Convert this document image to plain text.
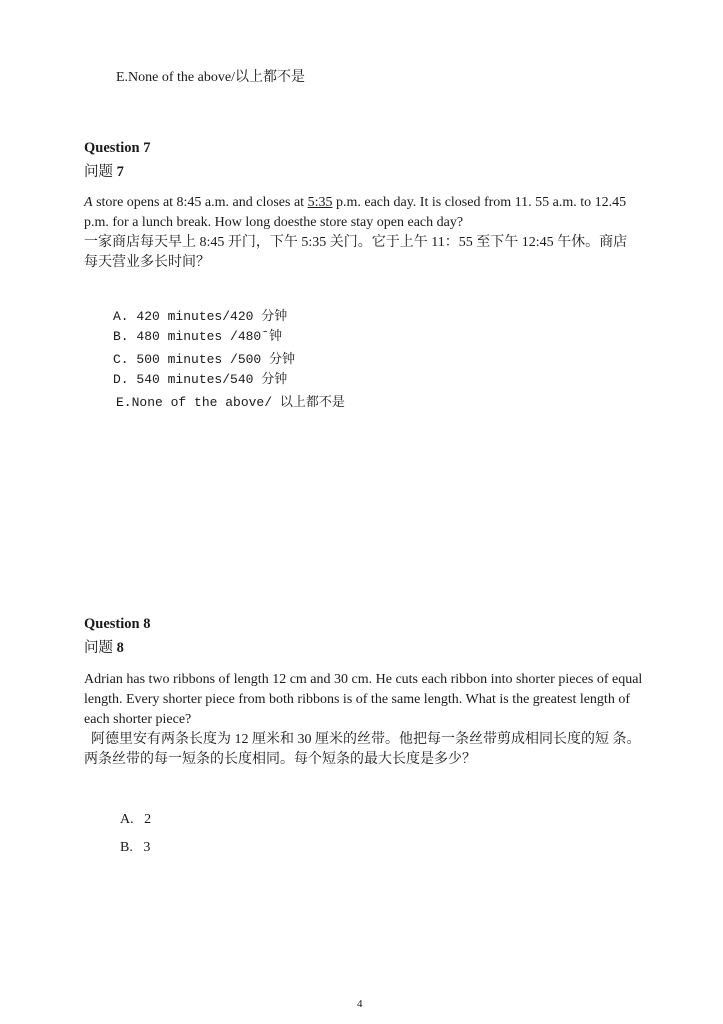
E.None of the above/以上都不是
Question 7
问题 7
A store opens at 8:45 a.m. and closes at 5:35 p.m. each day. It is closed from 11. 55 a.m. to 12.45
p.m. for a lunch break. How long doesthe store stay open each day?
一家商店每天早上 8:45 开门，下午 5:35 关门。它于上午 11：55 至下午 12:45 午休。商店
每天营业多长时间？
A. 420 minutes/420 分钟
B. 480 minutes /480ˉ钟
C. 500 minutes /500 分钟
D. 540 minutes/540 分钟
E.None of the above/ 以上都不是
Question 8
问题 8
Adrian has two ribbons of length 12 cm and 30 cm. He cuts each ribbon into shorter pieces of equal
length. Every shorter piece from both ribbons is of the same length. What is the greatest length of
each shorter piece?
阿德里安有两条长度为 12 厘米和 30 厘米的丝带。他把每一条丝带剪成相同长度的短 条。
两条丝带的每一短条的长度相同。每个短条的最大长度是多少？
A.   2
B.   3
4
